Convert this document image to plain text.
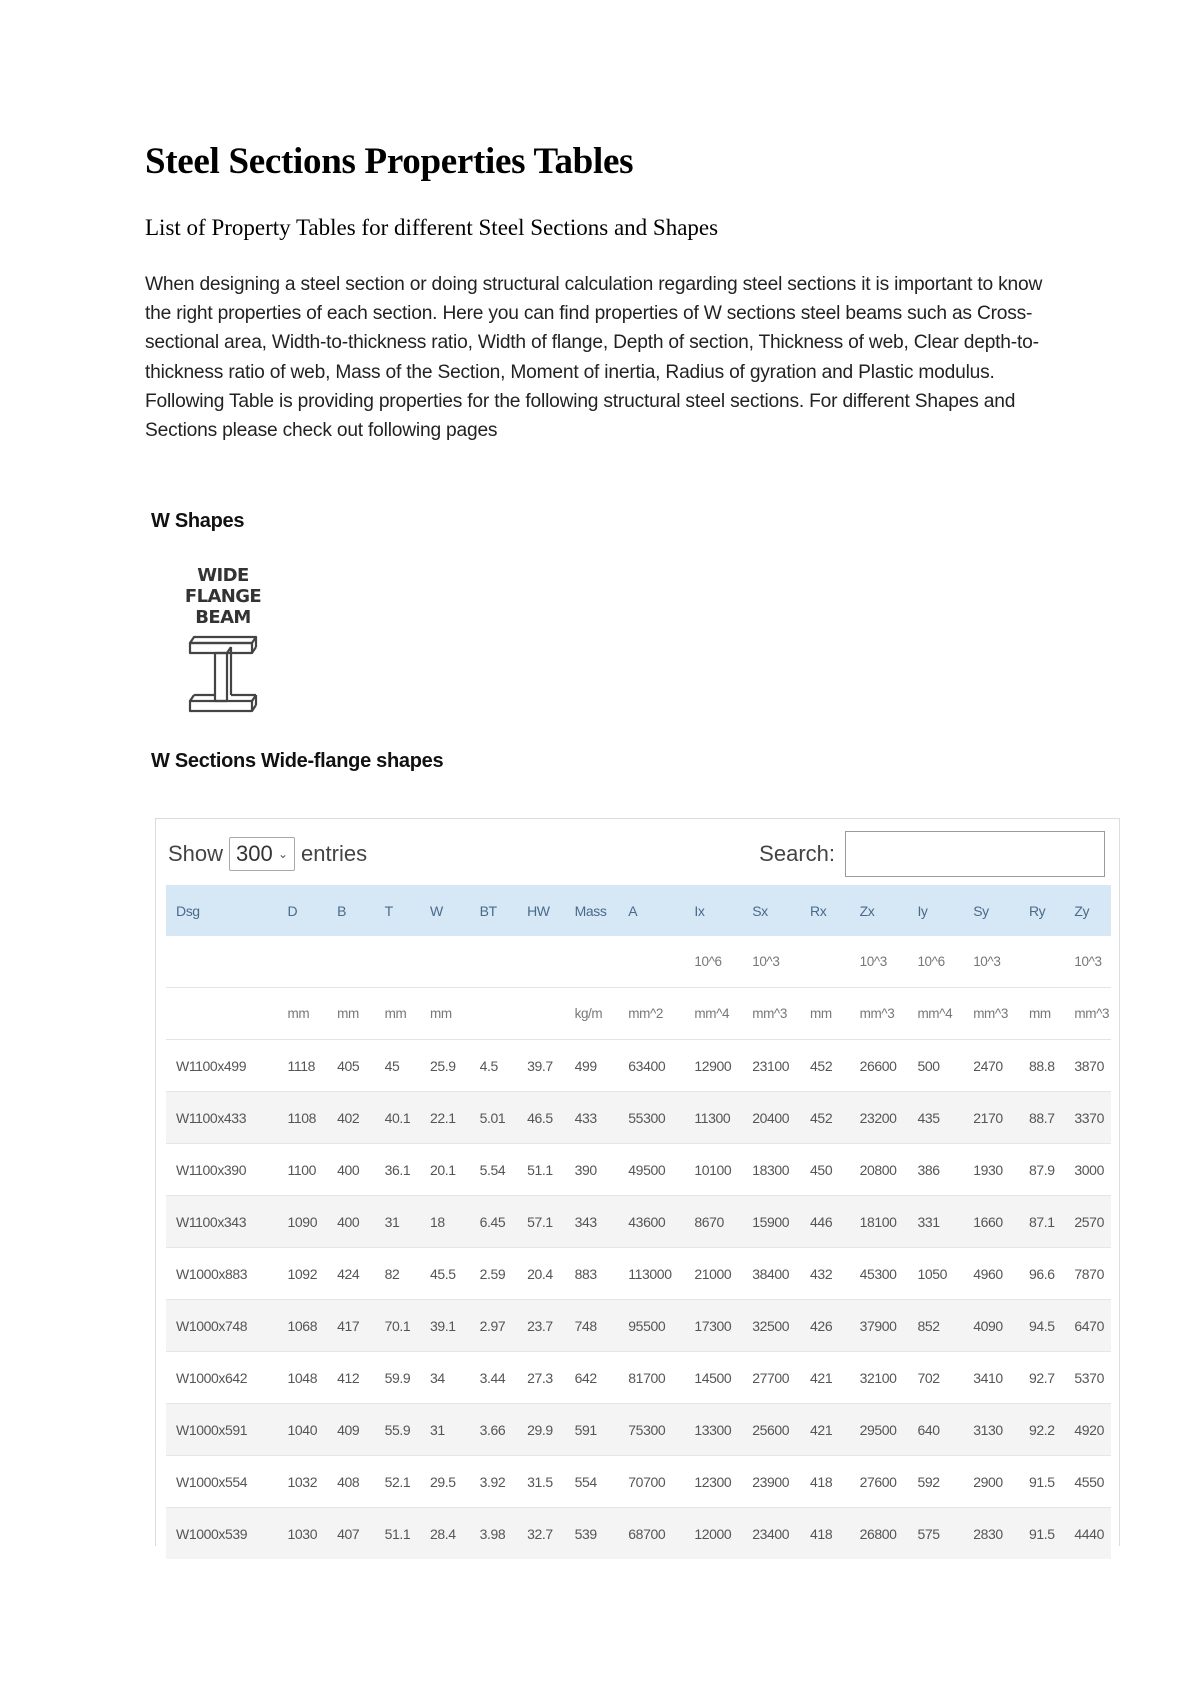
Steel Sections Properties Tables
List of Property Tables for different Steel Sections and Shapes

When designing a steel section or doing structural calculation regarding steel sections it is important to know the right properties of each section. Here you can find properties of W sections steel beams such as Cross-sectional area, Width-to-thickness ratio, Width of flange, Depth of section, Thickness of web, Clear depth-to-thickness ratio of web, Mass of the Section, Moment of inertia, Radius of gyration and Plastic modulus. Following Table is providing properties for the following structural steel sections. For different Shapes and Sections please check out following pages

W Shapes
WIDE FLANGE
BEAM
W Sections Wide-flange shapes
Show 300 ⌄ entries	Search:
Dsg	D	B	T	W	BT	HW	Mass	A	Ix	Sx	Rx	Zx	Iy	Sy	Ry	Zy
									10^6	10^3		10^3	10^6	10^3		10^3
	mm	mm	mm	mm			kg/m	mm^2	mm^4	mm^3	mm	mm^3	mm^4	mm^3	mm	mm^3
W1100x499	1118	405	45	25.9	4.5	39.7	499	63400	12900	23100	452	26600	500	2470	88.8	3870
W1100x433	1108	402	40.1	22.1	5.01	46.5	433	55300	11300	20400	452	23200	435	2170	88.7	3370
W1100x390	1100	400	36.1	20.1	5.54	51.1	390	49500	10100	18300	450	20800	386	1930	87.9	3000
W1100x343	1090	400	31	18	6.45	57.1	343	43600	8670	15900	446	18100	331	1660	87.1	2570
W1000x883	1092	424	82	45.5	2.59	20.4	883	113000	21000	38400	432	45300	1050	4960	96.6	7870
W1000x748	1068	417	70.1	39.1	2.97	23.7	748	95500	17300	32500	426	37900	852	4090	94.5	6470
W1000x642	1048	412	59.9	34	3.44	27.3	642	81700	14500	27700	421	32100	702	3410	92.7	5370
W1000x591	1040	409	55.9	31	3.66	29.9	591	75300	13300	25600	421	29500	640	3130	92.2	4920
W1000x554	1032	408	52.1	29.5	3.92	31.5	554	70700	12300	23900	418	27600	592	2900	91.5	4550
W1000x539	1030	407	51.1	28.4	3.98	32.7	539	68700	12000	23400	418	26800	575	2830	91.5	4440
